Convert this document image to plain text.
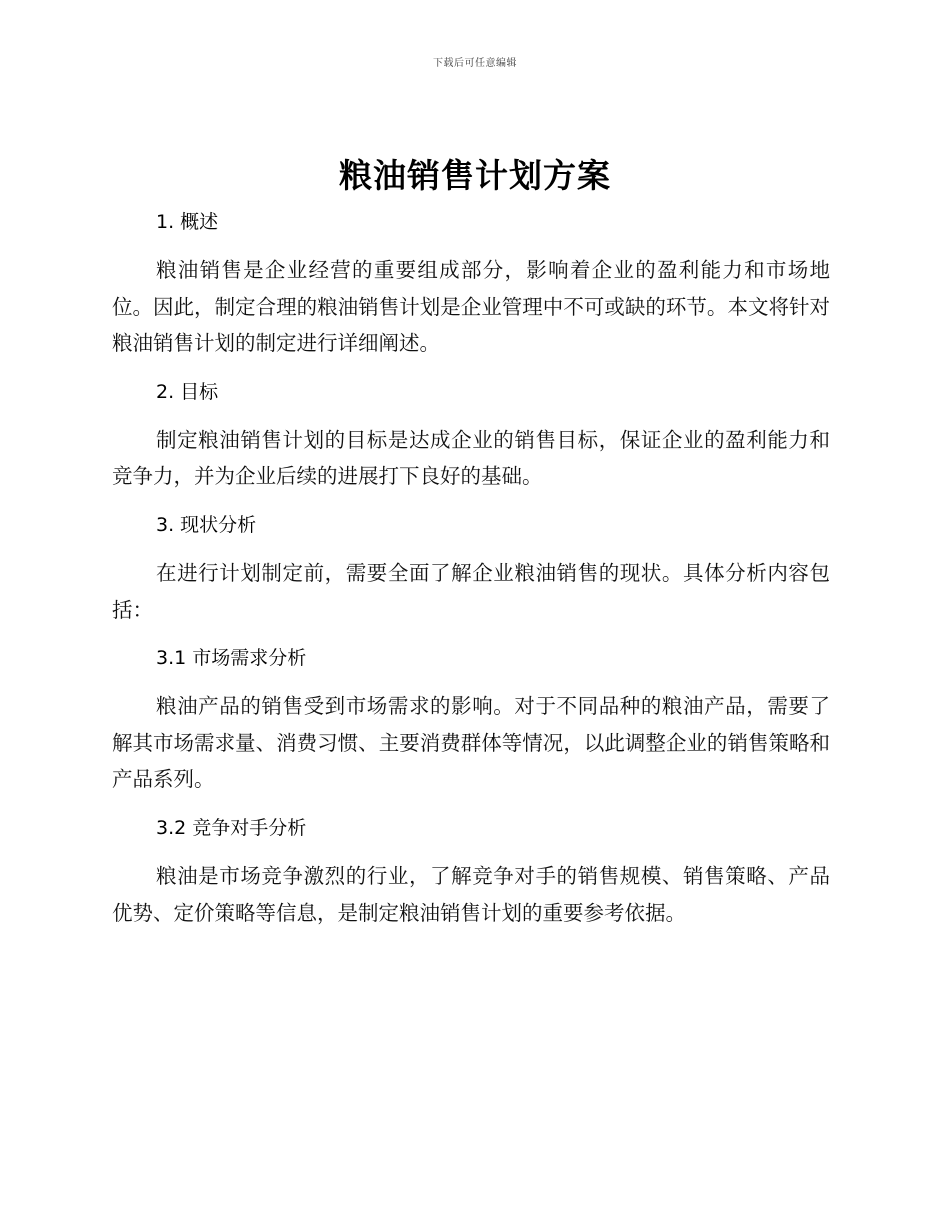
下载后可任意编辑
粮油销售计划方案
1. 概述

粮油销售是企业经营的重要组成部分，影响着企业的盈利能力和市场地位。因此，制定合理的粮油销售计划是企业管理中不可或缺的环节。本文将针对粮油销售计划的制定进行详细阐述。

2. 目标

制定粮油销售计划的目标是达成企业的销售目标，保证企业的盈利能力和竞争力，并为企业后续的进展打下良好的基础。

3. 现状分析

在进行计划制定前，需要全面了解企业粮油销售的现状。具体分析内容包括：

3.1 市场需求分析

粮油产品的销售受到市场需求的影响。对于不同品种的粮油产品，需要了解其市场需求量、消费习惯、主要消费群体等情况，以此调整企业的销售策略和产品系列。

3.2 竞争对手分析

粮油是市场竞争激烈的行业，了解竞争对手的销售规模、销售策略、产品优势、定价策略等信息，是制定粮油销售计划的重要参考依据。
